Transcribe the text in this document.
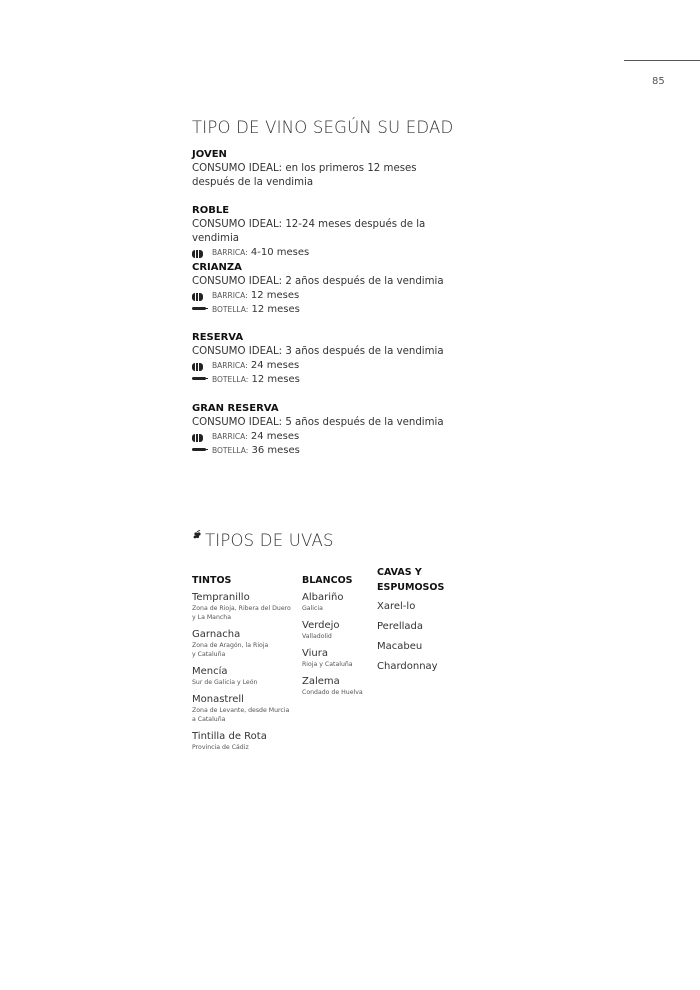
85
TIPO DE VINO SEGÚN SU EDAD
JOVEN
CONSUMO IDEAL: en los primeros 12 meses después de la vendimia
ROBLE
CONSUMO IDEAL: 12-24 meses después de la vendimia
BARRICA: 4-10 meses
CRIANZA
CONSUMO IDEAL: 2 años después de la vendimia
BARRICA: 12 meses
BOTELLA: 12 meses
RESERVA
CONSUMO IDEAL: 3 años después de la vendimia
BARRICA: 24 meses
BOTELLA: 12 meses
GRAN RESERVA
CONSUMO IDEAL: 5 años después de la vendimia
BARRICA: 24 meses
BOTELLA: 36 meses
TIPOS DE UVAS
TINTOS
Tempranillo
Zona de Rioja, Ribera del Duero
y La Mancha
Garnacha
Zona de Aragón, la Rioja
y Cataluña
Mencía
Sur de Galicia y León
Monastrell
Zona de Levante, desde Murcia
a Cataluña
Tintilla de Rota
Provincia de Cádiz
BLANCOS
Albariño
Galicia
Verdejo
Valladolid
Viura
Rioja y Cataluña
Zalema
Condado de Huelva
CAVAS Y
ESPUMOSOS
Xarel-lo
Perellada
Macabeu
Chardonnay
